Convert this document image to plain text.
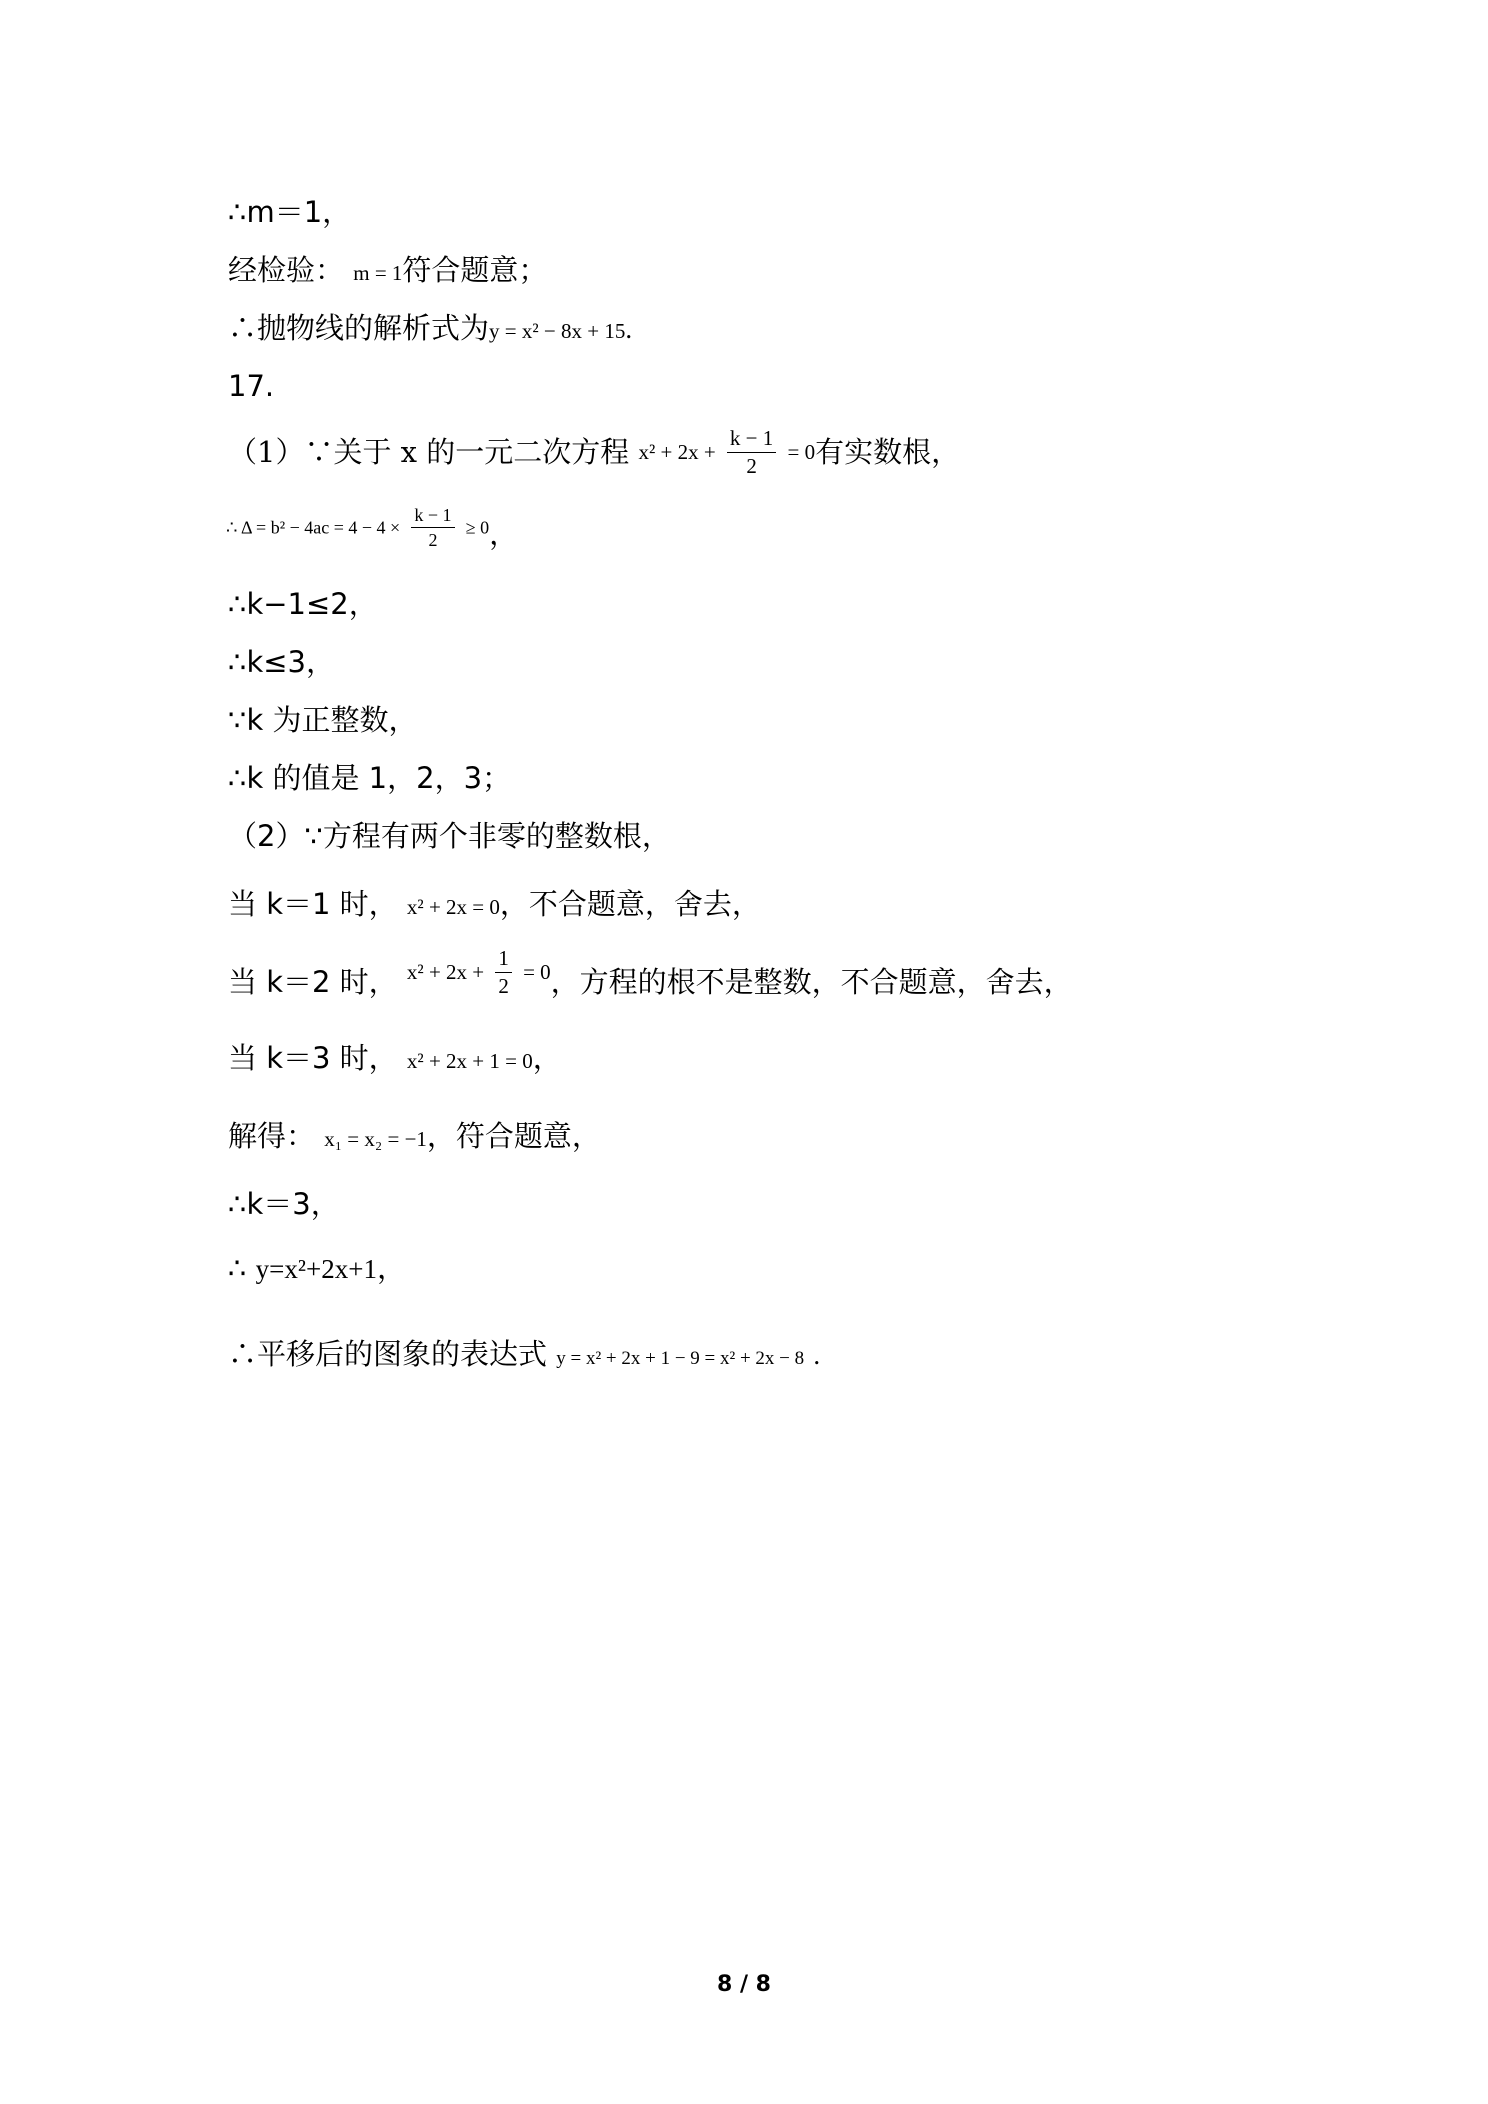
∴m＝1，
经检验： m = 1符合题意；
∴抛物线的解析式为y = x² − 8x + 15.
17.
（1）∵关于 x 的一元二次方程 $x^2 + 2x + \frac{k - 1}{2} = 0$有实数根，
∴ $\Delta = b^2 - 4ac = 4 - 4 \times \frac{k - 1}{2} \ge 0$，
∴k−1≤2，
∴k≤3，
∵k 为正整数，
∴k 的值是 1，2，3；
（2）∵方程有两个非零的整数根，
当 k＝1 时， x² + 2x = 0，不合题意，舍去，
当 k＝2 时， $x^2 + 2x + \frac{1}{2} = 0$，方程的根不是整数，不合题意，舍去，
当 k＝3 时， x² + 2x + 1 = 0，
解得： x₁ = x₂ = −1，符合题意，
∴k＝3，
∴ y=x²+2x+1，
∴平移后的图象的表达式 y = x² + 2x + 1 − 9 = x² + 2x − 8 .
8 / 8
